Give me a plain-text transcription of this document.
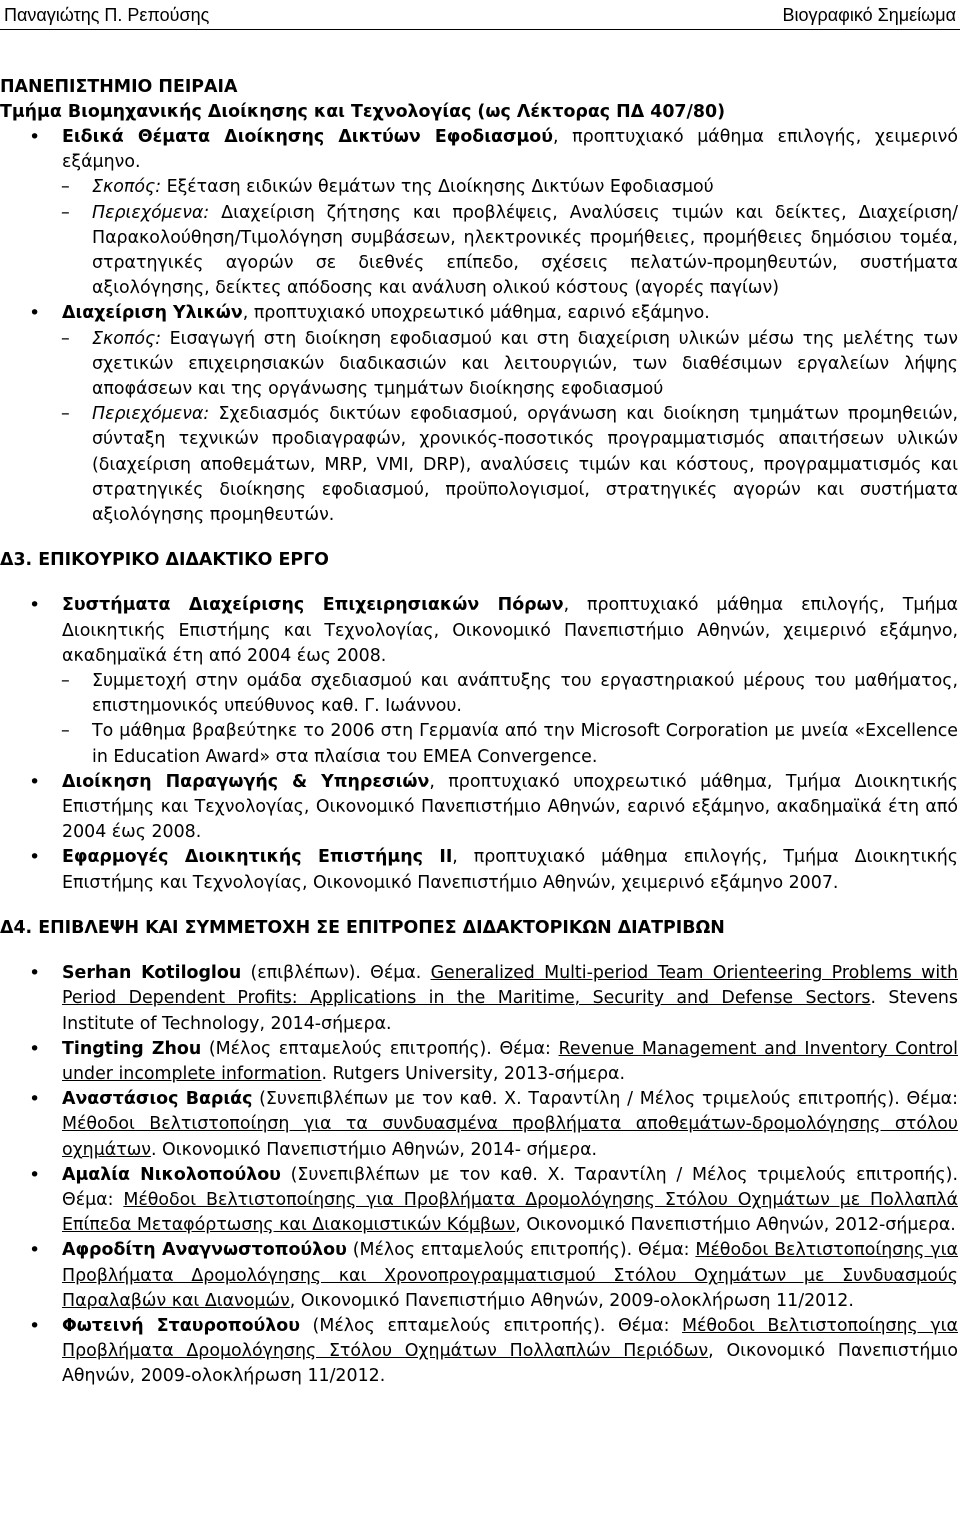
Παναγιώτης Π. Ρεπούσης	Βιογραφικό Σημείωμα
ΠΑΝΕΠΙΣΤΗΜΙΟ ΠΕΙΡΑΙΑ
Τμήμα Βιομηχανικής Διοίκησης και Τεχνολογίας (ως Λέκτορας ΠΔ 407/80)
• Ειδικά Θέματα Διοίκησης Δικτύων Εφοδιασμού, προπτυχιακό μάθημα επιλογής, χειμερινό εξάμηνο.
– Σκοπός: Εξέταση ειδικών θεμάτων της Διοίκησης Δικτύων Εφοδιασμού
– Περιεχόμενα: Διαχείριση ζήτησης και προβλέψεις, Αναλύσεις τιμών και δείκτες, Διαχείριση/Παρακολούθηση/Τιμολόγηση συμβάσεων, ηλεκτρονικές προμήθειες, προμήθειες δημόσιου τομέα, στρατηγικές αγορών σε διεθνές επίπεδο, σχέσεις πελατών-προμηθευτών, συστήματα αξιολόγησης, δείκτες απόδοσης και ανάλυση ολικού κόστους (αγορές παγίων)
• Διαχείριση Υλικών, προπτυχιακό υποχρεωτικό μάθημα, εαρινό εξάμηνο.
– Σκοπός: Εισαγωγή στη διοίκηση εφοδιασμού και στη διαχείριση υλικών μέσω της μελέτης των σχετικών επιχειρησιακών διαδικασιών και λειτουργιών, των διαθέσιμων εργαλείων λήψης αποφάσεων και της οργάνωσης τμημάτων διοίκησης εφοδιασμού
– Περιεχόμενα: Σχεδιασμός δικτύων εφοδιασμού, οργάνωση και διοίκηση τμημάτων προμηθειών, σύνταξη τεχνικών προδιαγραφών, χρονικός-ποσοτικός προγραμματισμός απαιτήσεων υλικών (διαχείριση αποθεμάτων, MRP, VMI, DRP), αναλύσεις τιμών και κόστους, προγραμματισμός και στρατηγικές διοίκησης εφοδιασμού, προϋπολογισμοί, στρατηγικές αγορών και συστήματα αξιολόγησης προμηθευτών.
Δ3. ΕΠΙΚΟΥΡΙΚΟ ΔΙΔΑΚΤΙΚΟ ΕΡΓΟ
• Συστήματα Διαχείρισης Επιχειρησιακών Πόρων, προπτυχιακό μάθημα επιλογής, Τμήμα Διοικητικής Επιστήμης και Τεχνολογίας, Οικονομικό Πανεπιστήμιο Αθηνών, χειμερινό εξάμηνο, ακαδημαϊκά έτη από 2004 έως 2008.
– Συμμετοχή στην ομάδα σχεδιασμού και ανάπτυξης του εργαστηριακού μέρους του μαθήματος, επιστημονικός υπεύθυνος καθ. Γ. Ιωάννου.
– Το μάθημα βραβεύτηκε το 2006 στη Γερμανία από την Microsoft Corporation με μνεία «Excellence in Education Award» στα πλαίσια του EMEA Convergence.
• Διοίκηση Παραγωγής & Υπηρεσιών, προπτυχιακό υποχρεωτικό μάθημα, Τμήμα Διοικητικής Επιστήμης και Τεχνολογίας, Οικονομικό Πανεπιστήμιο Αθηνών, εαρινό εξάμηνο, ακαδημαϊκά έτη από 2004 έως 2008.
• Εφαρμογές Διοικητικής Επιστήμης ΙΙ, προπτυχιακό μάθημα επιλογής, Τμήμα Διοικητικής Επιστήμης και Τεχνολογίας, Οικονομικό Πανεπιστήμιο Αθηνών, χειμερινό εξάμηνο 2007.
Δ4. ΕΠΙΒΛΕΨΗ ΚΑΙ ΣΥΜΜΕΤΟΧΗ ΣΕ ΕΠΙΤΡΟΠΕΣ ΔΙΔΑΚΤΟΡΙΚΩΝ ΔΙΑΤΡΙΒΩΝ
• Serhan Kotiloglou (επιβλέπων). Θέμα. Generalized Multi-period Team Orienteering Problems with Period Dependent Profits: Applications in the Maritime, Security and Defense Sectors. Stevens Institute of Technology, 2014-σήμερα.
• Tingting Zhou (Μέλος επταμελούς επιτροπής). Θέμα: Revenue Management and Inventory Control under incomplete information. Rutgers University, 2013-σήμερα.
• Αναστάσιος Βαριάς (Συνεπιβλέπων με τον καθ. Χ. Ταραντίλη / Μέλος τριμελούς επιτροπής). Θέμα: Μέθοδοι Βελτιστοποίηση για τα συνδυασμένα προβλήματα αποθεμάτων-δρομολόγησης στόλου οχημάτων. Οικονομικό Πανεπιστήμιο Αθηνών, 2014- σήμερα.
• Αμαλία Νικολοπούλου (Συνεπιβλέπων με τον καθ. Χ. Ταραντίλη / Μέλος τριμελούς επιτροπής). Θέμα: Μέθοδοι Βελτιστοποίησης για Προβλήματα Δρομολόγησης Στόλου Οχημάτων με Πολλαπλά Επίπεδα Μεταφόρτωσης και Διακομιστικών Κόμβων, Οικονομικό Πανεπιστήμιο Αθηνών, 2012-σήμερα.
• Αφροδίτη Αναγνωστοπούλου (Μέλος επταμελούς επιτροπής). Θέμα: Μέθοδοι Βελτιστοποίησης για Προβλήματα Δρομολόγησης και Χρονοπρογραμματισμού Στόλου Οχημάτων με Συνδυασμούς Παραλαβών και Διανομών, Οικονομικό Πανεπιστήμιο Αθηνών, 2009-ολοκλήρωση 11/2012.
• Φωτεινή Σταυροπούλου (Μέλος επταμελούς επιτροπής). Θέμα: Μέθοδοι Βελτιστοποίησης για Προβλήματα Δρομολόγησης Στόλου Οχημάτων Πολλαπλών Περιόδων, Οικονομικό Πανεπιστήμιο Αθηνών, 2009-ολοκλήρωση 11/2012.
